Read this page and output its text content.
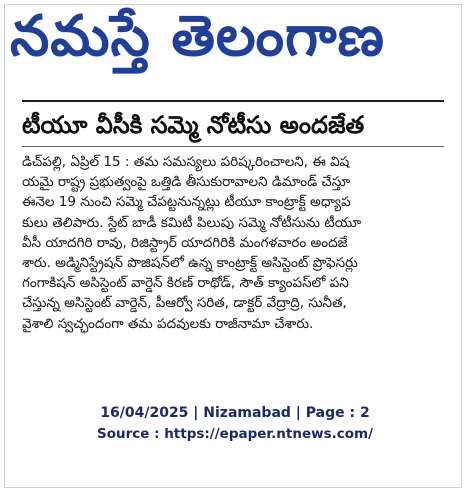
నమస్తే తెలంగాణ
టీయూ వీసీకి సమ్మె నోటీసు అందజేత
డిచ్‌పల్లి, ఏప్రిల్ 15 : తమ సమస్యలు పరిష్కరించాలని, ఈ విష
యమై రాష్ట్ర ప్రభుత్వంపై ఒత్తిడి తీసుకురావాలని డిమాండ్ చేస్తూ
ఈనెల 19 నుంచి సమ్మె చేపట్టనున్నట్లు టీయూ కాంట్రాక్ట్ అధ్యాప
కులు తెలిపారు. స్టేట్ బాడీ కమిటీ పిలుపు సమ్మె నోటీసును టీయూ
వీసీ యాదగిరి రావు, రిజిస్ట్రార్ యాదగిరికి మంగళవారం అందజే
శారు. అడ్మినిస్ట్రేషన్ పొజిషన్‌లో ఉన్న కాంట్రాక్ట్ అసిస్టెంట్ ప్రొఫెసర్లు
గంగాకిషన్ అసిస్టెంట్ వార్డెన్ కిరణ్ రాథోడ్, సౌత్ క్యాంపస్‌లో పని
చేస్తున్న అసిస్టెంట్ వార్డెన్, పీఆర్వో సరిత, డాక్టర్ వేద్రాద్రి, సునీత,
వైశాలి స్వచ్ఛందంగా తమ పదవులకు రాజీనామా చేశారు.
16/04/2025 | Nizamabad | Page : 2
Source : https://epaper.ntnews.com/
